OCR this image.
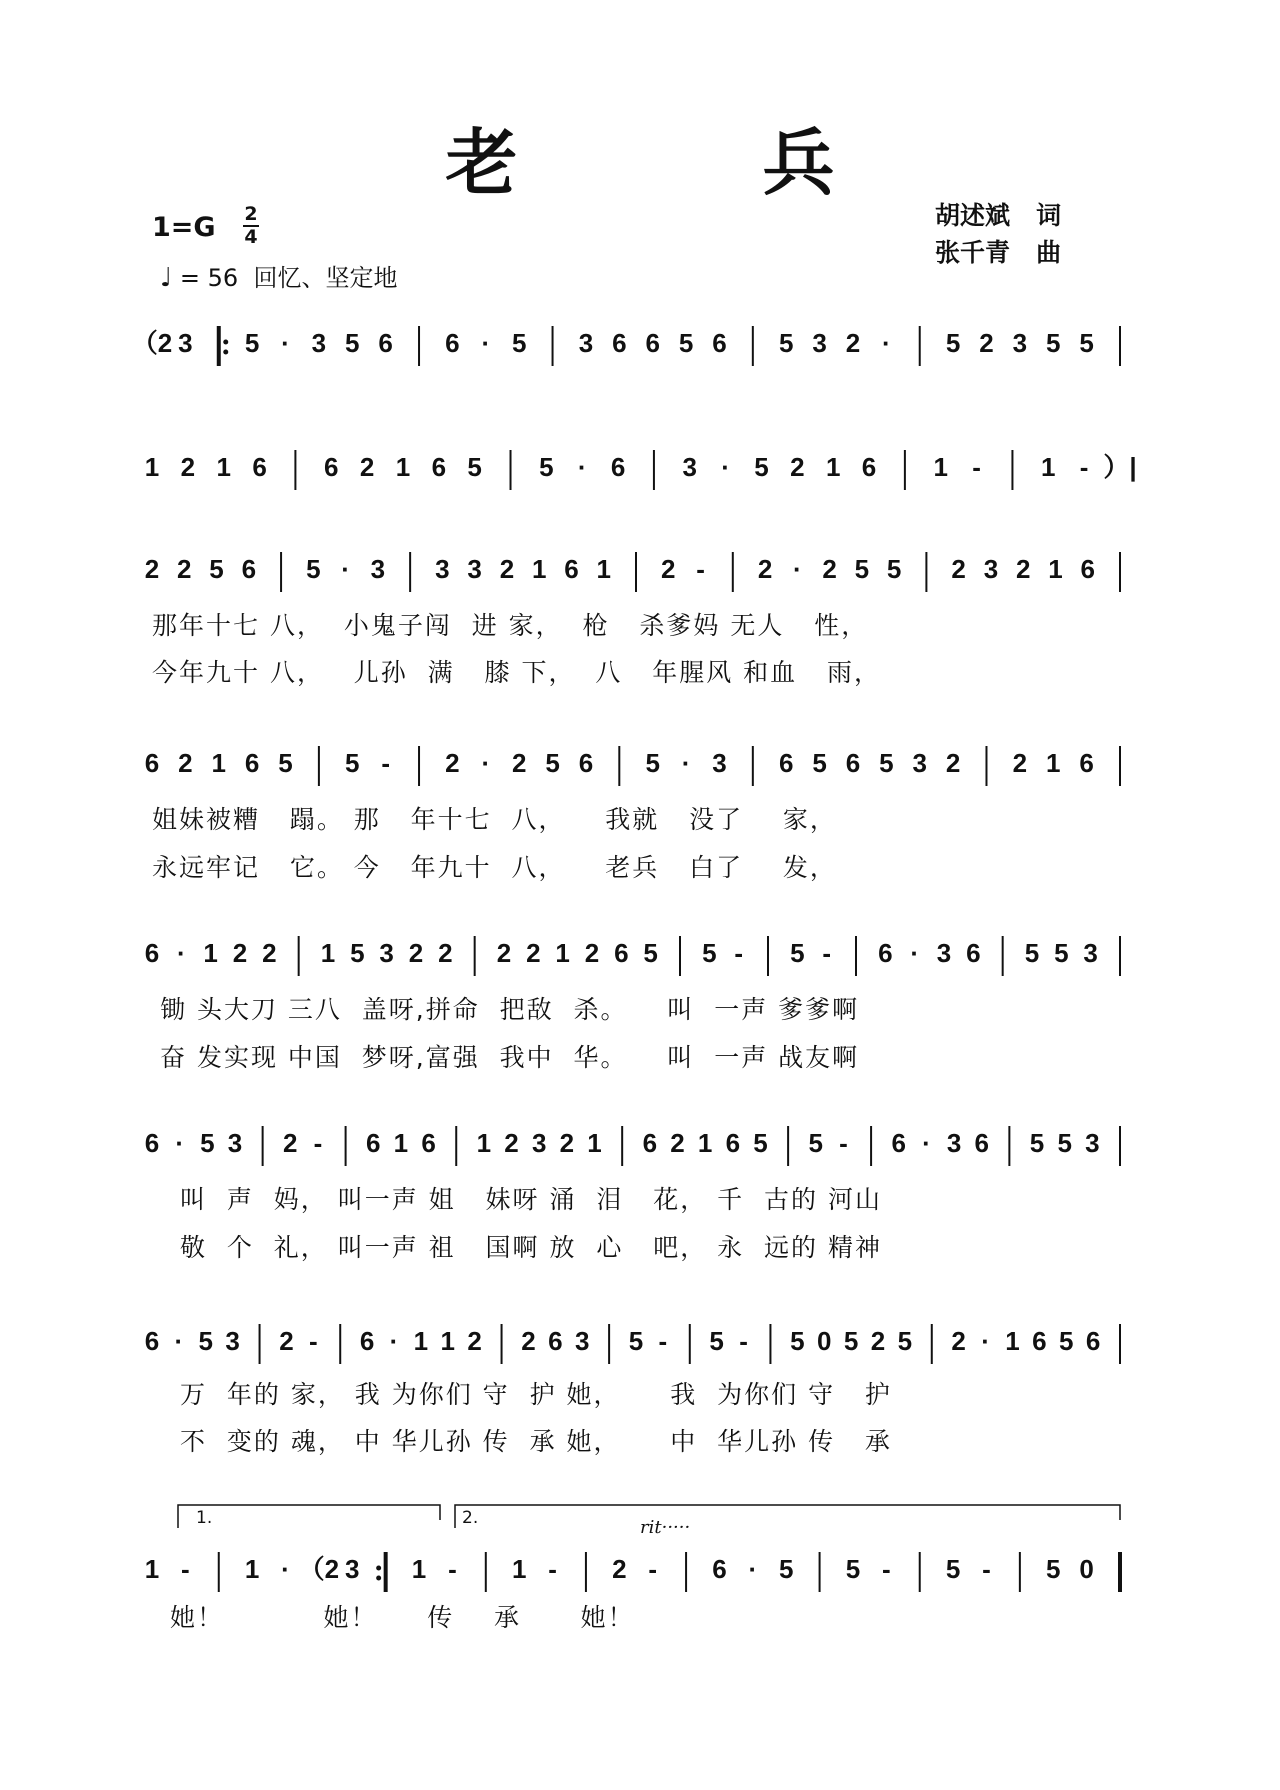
老 兵
胡述斌   词
张千青   曲
1=G 2
4
♩ = 56 回忆、坚定地
（2 3 5 · 3 5 6 6 · 5 3 6 6 5 6 5 3 2 · 5 2 3 5 5
1 2 1 6 6 2 1 6 5 5 · 6 3 · 5 2 1 6 1 - 1 - ）|
2 2 5 6 5 · 3 3 3 2 1 6 1 2 - 2 · 2 5 5 2 3 2 1 6
6 2 1 6 5 5 - 2 · 2 5 6 5 · 3 6 5 6 5 3 2 2 1 6
6 · 1 2 2 1 5 3 2 2 2 2 1 2 6 5 5 - 5 - 6 · 3 6 5 5 3
6 · 5 3 2 - 6 1 6 1 2 3 2 1 6 2 1 6 5 5 - 6 · 3 6 5 5 3
6 · 5 3 2 - 6 · 1 1 2 2 6 3 5 - 5 - 5 0 5 2 5 2 · 1 6 5 6
1 - 1 · （2 3 1 - 1 - 2 - 6 · 5 5 - 5 - 5 0
rit·····
1.	2.
那年十七 八，  小鬼子闯  进 家，  枪   杀爹妈 无人   性，
今年九十 八，   儿孙  满   膝 下，  八   年腥风 和血   雨，
姐妹被糟   蹋。 那   年十七  八，    我就   没了    家，
永远牢记   它。 今   年九十  八，    老兵   白了    发，
锄 头大刀 三八  盖呀,拼命  把敌  杀。    叫  一声 爹爹啊
奋 发实现 中国  梦呀,富强  我中  华。    叫  一声 战友啊
叫  声  妈， 叫一声 姐   妹呀 涌  泪   花， 千  古的 河山
敬  个  礼， 叫一声 祖   国啊 放  心   吧， 永  远的 精神
万  年的 家， 我 为你们 守  护 她，     我  为你们 守   护
不  变的 魂， 中 华儿孙 传  承 她，     中  华儿孙 传   承
她！          她！     传    承      她！
